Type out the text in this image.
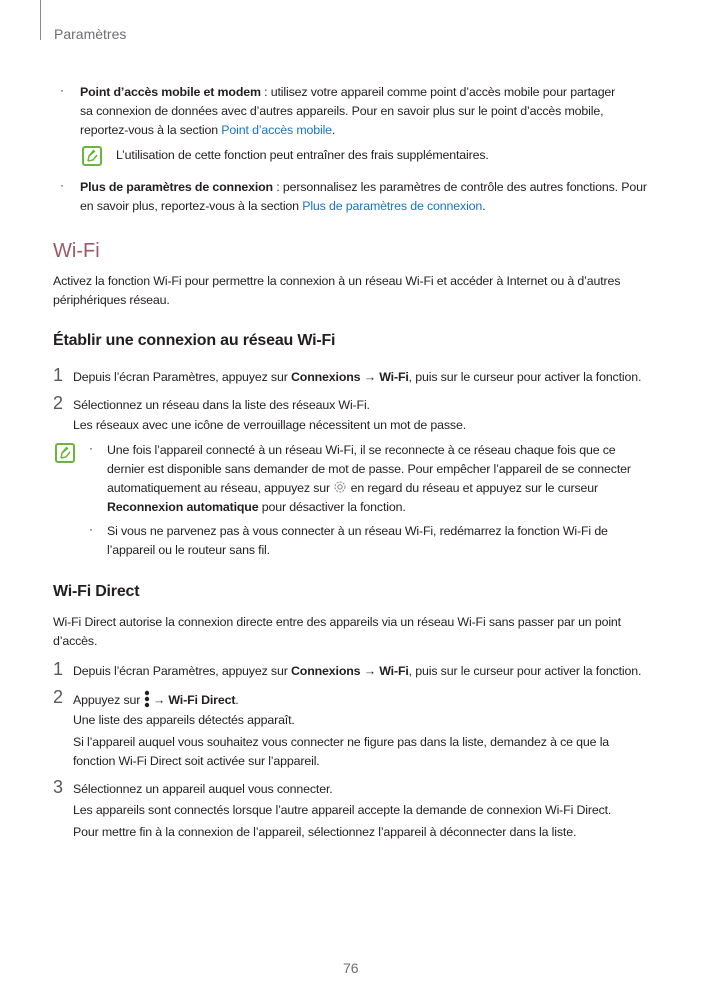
Paramètres
· Point d’accès mobile et modem : utilisez votre appareil comme point d’accès mobile pour partager
sa connexion de données avec d’autres appareils. Pour en savoir plus sur le point d’accès mobile,
reportez-vous à la section Point d’accès mobile.
L’utilisation de cette fonction peut entraîner des frais supplémentaires.
· Plus de paramètres de connexion : personnalisez les paramètres de contrôle des autres fonctions. Pour
en savoir plus, reportez-vous à la section Plus de paramètres de connexion.
Wi-Fi
Activez la fonction Wi-Fi pour permettre la connexion à un réseau Wi-Fi et accéder à Internet ou à d’autres
périphériques réseau.
Établir une connexion au réseau Wi-Fi
1 Depuis l’écran Paramètres, appuyez sur Connexions → Wi-Fi, puis sur le curseur pour activer la fonction.
2 Sélectionnez un réseau dans la liste des réseaux Wi-Fi.
Les réseaux avec une icône de verrouillage nécessitent un mot de passe.
· Une fois l’appareil connecté à un réseau Wi-Fi, il se reconnecte à ce réseau chaque fois que ce
dernier est disponible sans demander de mot de passe. Pour empêcher l’appareil de se connecter
automatiquement au réseau, appuyez sur  en regard du réseau et appuyez sur le curseur
Reconnexion automatique pour désactiver la fonction.
· Si vous ne parvenez pas à vous connecter à un réseau Wi-Fi, redémarrez la fonction Wi-Fi de
l’appareil ou le routeur sans fil.
Wi-Fi Direct
Wi-Fi Direct autorise la connexion directe entre des appareils via un réseau Wi-Fi sans passer par un point
d’accès.
1 Depuis l’écran Paramètres, appuyez sur Connexions → Wi-Fi, puis sur le curseur pour activer la fonction.
2 Appuyez sur  → Wi-Fi Direct.
Une liste des appareils détectés apparaît.
Si l’appareil auquel vous souhaitez vous connecter ne figure pas dans la liste, demandez à ce que la
fonction Wi-Fi Direct soit activée sur l’appareil.
3 Sélectionnez un appareil auquel vous connecter.
Les appareils sont connectés lorsque l’autre appareil accepte la demande de connexion Wi-Fi Direct.
Pour mettre fin à la connexion de l’appareil, sélectionnez l’appareil à déconnecter dans la liste.
76
